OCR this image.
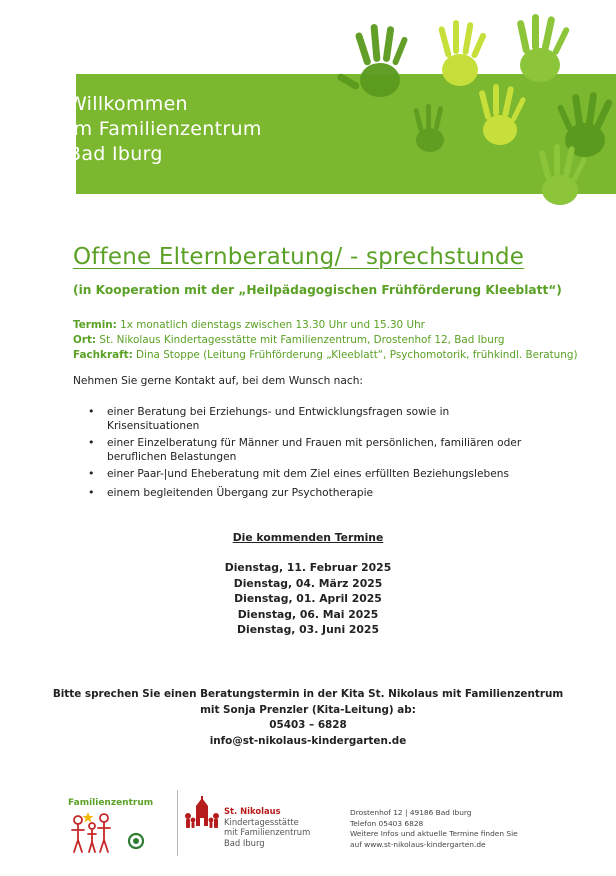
Willkommen
im Familienzentrum
Bad Iburg
Offene Elternberatung/ - sprechstunde
(in Kooperation mit der „Heilpädagogischen Frühförderung Kleeblatt“)
Termin: 1x monatlich dienstags zwischen 13.30 Uhr und 15.30 Uhr
Ort: St. Nikolaus Kindertagesstätte mit Familienzentrum, Drostenhof 12, Bad Iburg
Fachkraft: Dina Stoppe (Leitung Frühförderung „Kleeblatt“, Psychomotorik, frühkindl. Beratung)
Nehmen Sie gerne Kontakt auf, bei dem Wunsch nach:
• einer Beratung bei Erziehungs- und Entwicklungsfragen sowie in Krisensituationen
• einer Einzelberatung für Männer und Frauen mit persönlichen, familiären oder beruflichen Belastungen
• einer Paar-|und Eheberatung mit dem Ziel eines erfüllten Beziehungslebens
• einem begleitenden Übergang zur Psychotherapie
Die kommenden Termine
Dienstag, 11. Februar 2025
Dienstag, 04. März 2025
Dienstag, 01. April 2025
Dienstag, 06. Mai 2025
Dienstag, 03. Juni 2025
Bitte sprechen Sie einen Beratungstermin in der Kita St. Nikolaus mit Familienzentrum
mit Sonja Prenzler (Kita-Leitung) ab:
05403 – 6828
info@st-nikolaus-kindergarten.de
Familienzentrum
St. Nikolaus
Kindertagesstätte
mit Familienzentrum
Bad Iburg
Drostenhof 12 | 49186 Bad Iburg
Telefon 05403 6828
Weitere Infos und aktuelle Termine finden Sie
auf www.st-nikolaus-kindergarten.de
